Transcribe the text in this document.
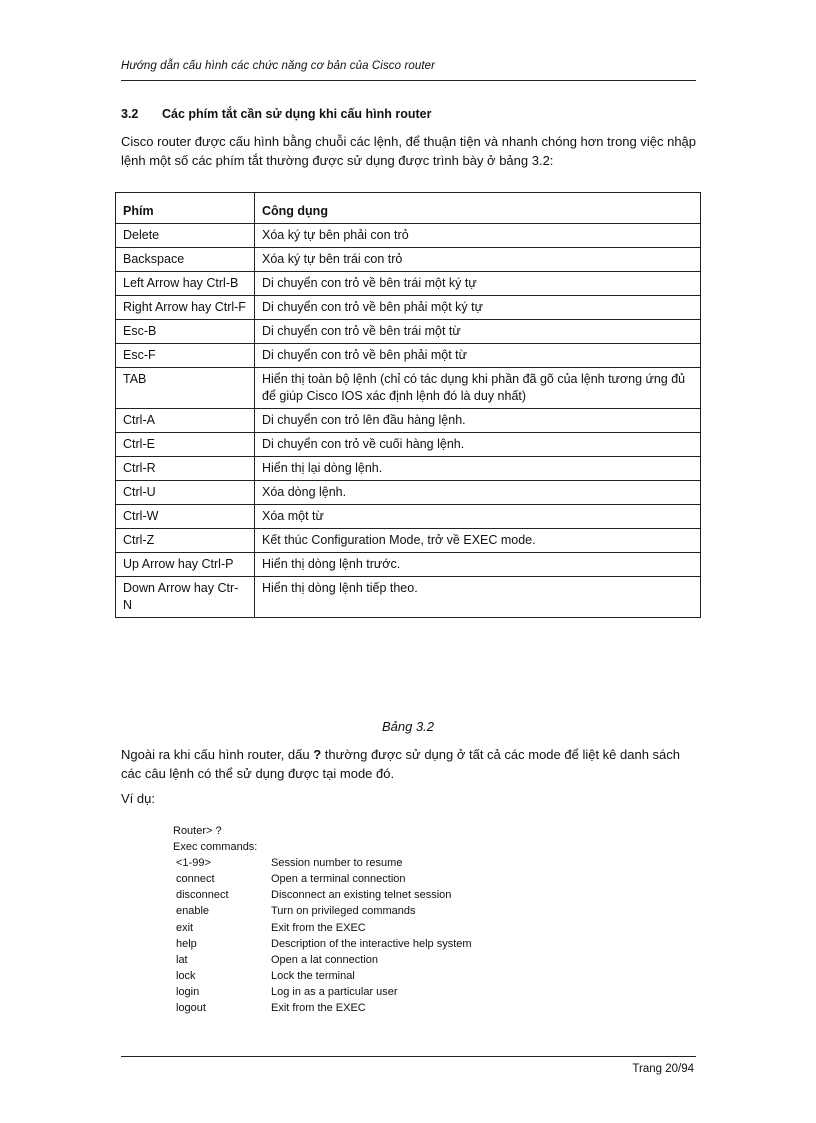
Hướng dẫn cấu hình các chức năng cơ bản của Cisco router
3.2 Các phím tắt cần sử dụng khi cấu hình router
Cisco router được cấu hình bằng chuỗi các lệnh, để thuận tiện và nhanh chóng hơn trong việc nhập lệnh một số các phím tắt thường được sử dụng được trình bày ở bảng 3.2:
Phím	Công dụng
Delete	Xóa ký tự bên phải con trỏ
Backspace	Xóa ký tự bên trái con trỏ
Left Arrow hay Ctrl-B	Di chuyển con trỏ về bên trái một ký tự
Right Arrow hay Ctrl-F	Di chuyển con trỏ về bên phải một ký tự
Esc-B	Di chuyển con trỏ về bên trái một từ
Esc-F	Di chuyển con trỏ về bên phải một từ
TAB	Hiển thị toàn bộ lệnh (chỉ có tác dụng khi phần đã gõ của lệnh tương ứng đủ để giúp Cisco IOS xác định lệnh đó là duy nhất)
Ctrl-A	Di chuyển con trỏ lên đầu hàng lệnh.
Ctrl-E	Di chuyển con trỏ về cuối hàng lệnh.
Ctrl-R	Hiển thị lại dòng lệnh.
Ctrl-U	Xóa dòng lệnh.
Ctrl-W	Xóa một từ
Ctrl-Z	Kết thúc Configuration Mode, trở về EXEC mode.
Up Arrow hay Ctrl-P	Hiển thị dòng lệnh trước.
Down Arrow hay Ctr-N	Hiển thị dòng lệnh tiếp theo.
Bảng 3.2
Ngoài ra khi cấu hình router, dấu ? thường được sử dụng ở tất cả các mode để liệt kê danh sách các câu lệnh có thể sử dụng được tại mode đó.
Ví dụ:
Router> ?
Exec commands:
<1-99>	Session number to resume
connect	Open a terminal connection
disconnect	Disconnect an existing telnet session
enable	Turn on privileged commands
exit	Exit from the EXEC
help	Description of the interactive help system
lat	Open a lat connection
lock	Lock the terminal
login	Log in as a particular user
logout	Exit from the EXEC
Trang 20/94
